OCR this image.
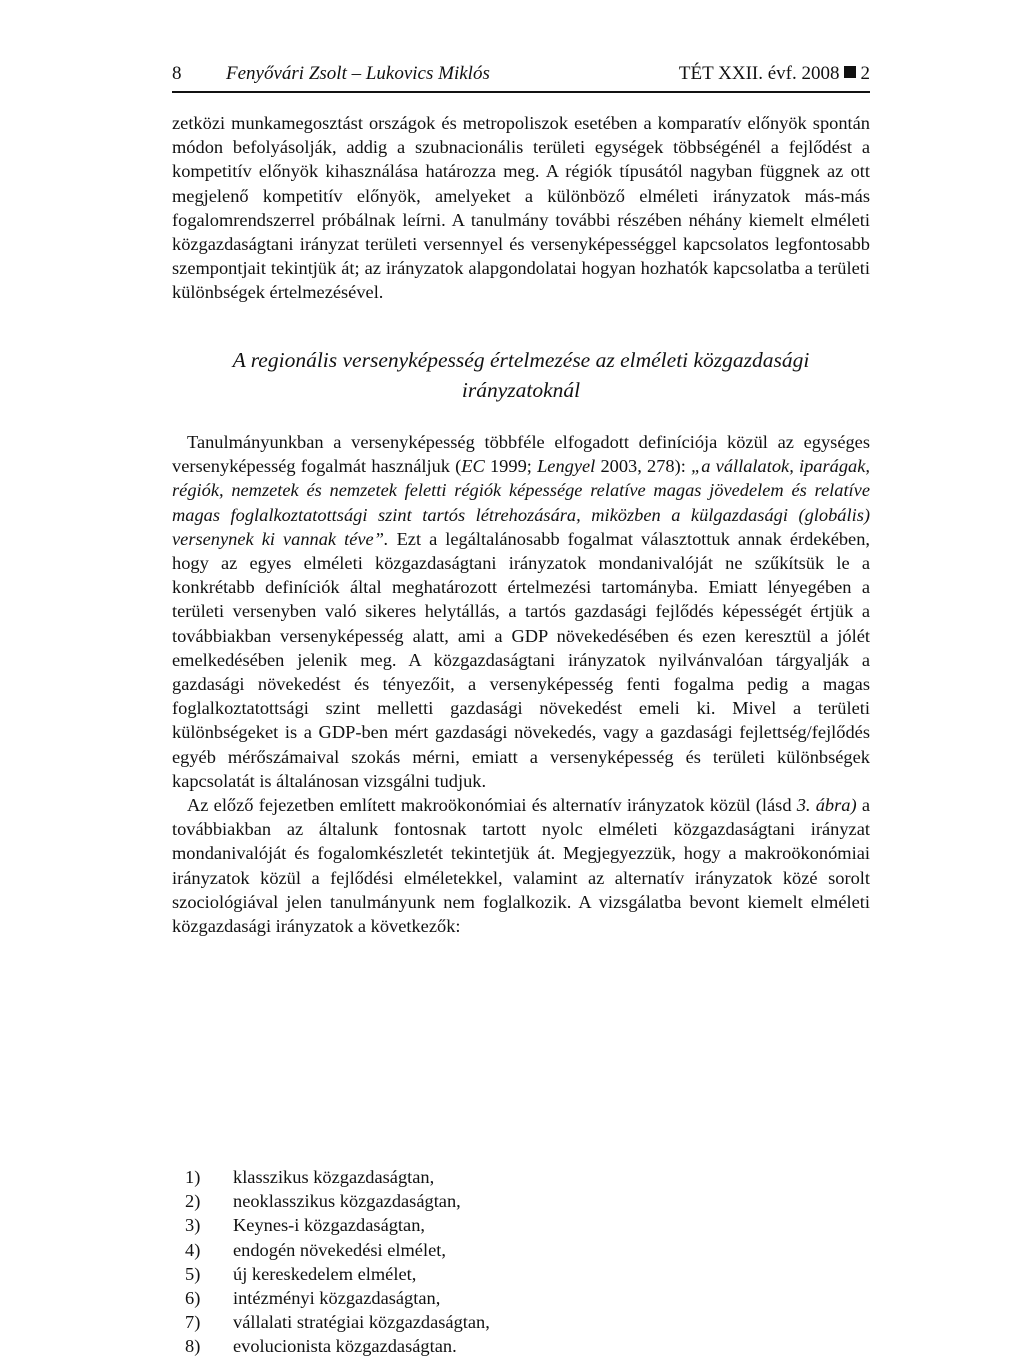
8 Fenyővári Zsolt – Lukovics Miklós	TÉT XXII. évf. 2008 2

zetközi munkamegosztást országok és metropoliszok esetében a komparatív előnyök spontán módon befolyásolják, addig a szubnacionális területi egységek többségénél a fejlődést a kompetitív előnyök kihasználása határozza meg. A régiók típusától nagyban függnek az ott megjelenő kompetitív előnyök, amelyeket a különböző elméleti irányzatok más-más fogalomrendszerrel próbálnak leírni. A tanulmány további részében néhány kiemelt elméleti közgazdaságtani irányzat területi versennyel és versenyképességgel kapcsolatos legfontosabb szempontjait tekintjük át; az irányzatok alapgondolatai hogyan hozhatók kapcsolatba a területi különbségek értelmezésével.

A regionális versenyképesség értelmezése az elméleti közgazdasági
irányzatoknál

Tanulmányunkban a versenyképesség többféle elfogadott definíciója közül az egységes versenyképesség fogalmát használjuk (EC 1999; Lengyel 2003, 278): „a vállalatok, iparágak, régiók, nemzetek és nemzetek feletti régiók képessége relatíve magas jövedelem és relatíve magas foglalkoztatottsági szint tartós létrehozására, miközben a külgazdasági (globális) versenynek ki vannak téve”. Ezt a legáltalánosabb fogalmat választottuk annak érdekében, hogy az egyes elméleti közgazdaságtani irányzatok mondanivalóját ne szűkítsük le a konkrétabb definíciók által meghatározott értelmezési tartományba. Emiatt lényegében a területi versenyben való sikeres helytállás, a tartós gazdasági fejlődés képességét értjük a továbbiakban versenyképesség alatt, ami a GDP növekedésében és ezen keresztül a jólét emelkedésében jelenik meg. A közgazdaságtani irányzatok nyilvánvalóan tárgyalják a gazdasági növekedést és tényezőit, a versenyképesség fenti fogalma pedig a magas foglalkoztatottsági szint melletti gazdasági növekedést emeli ki. Mivel a területi különbségeket is a GDP-ben mért gazdasági növekedés, vagy a gazdasági fejlettség/fejlődés egyéb mérőszámaival szokás mérni, emiatt a versenyképesség és területi különbségek kapcsolatát is általánosan vizsgálni tudjuk.

Az előző fejezetben említett makroökonómiai és alternatív irányzatok közül (lásd 3. ábra) a továbbiakban az általunk fontosnak tartott nyolc elméleti közgazdaságtani irányzat mondanivalóját és fogalomkészletét tekintetjük át. Megjegyezzük, hogy a makroökonómiai irányzatok közül a fejlődési elméletekkel, valamint az alternatív irányzatok közé sorolt szociológiával jelen tanulmányunk nem foglalkozik. A vizsgálatba bevont kiemelt elméleti közgazdasági irányzatok a következők:

1) klasszikus közgazdaságtan,
2) neoklasszikus közgazdaságtan,
3) Keynes-i közgazdaságtan,
4) endogén növekedési elmélet,
5) új kereskedelem elmélet,
6) intézményi közgazdaságtan,
7) vállalati stratégiai közgazdaságtan,
8) evolucionista közgazdaságtan.
